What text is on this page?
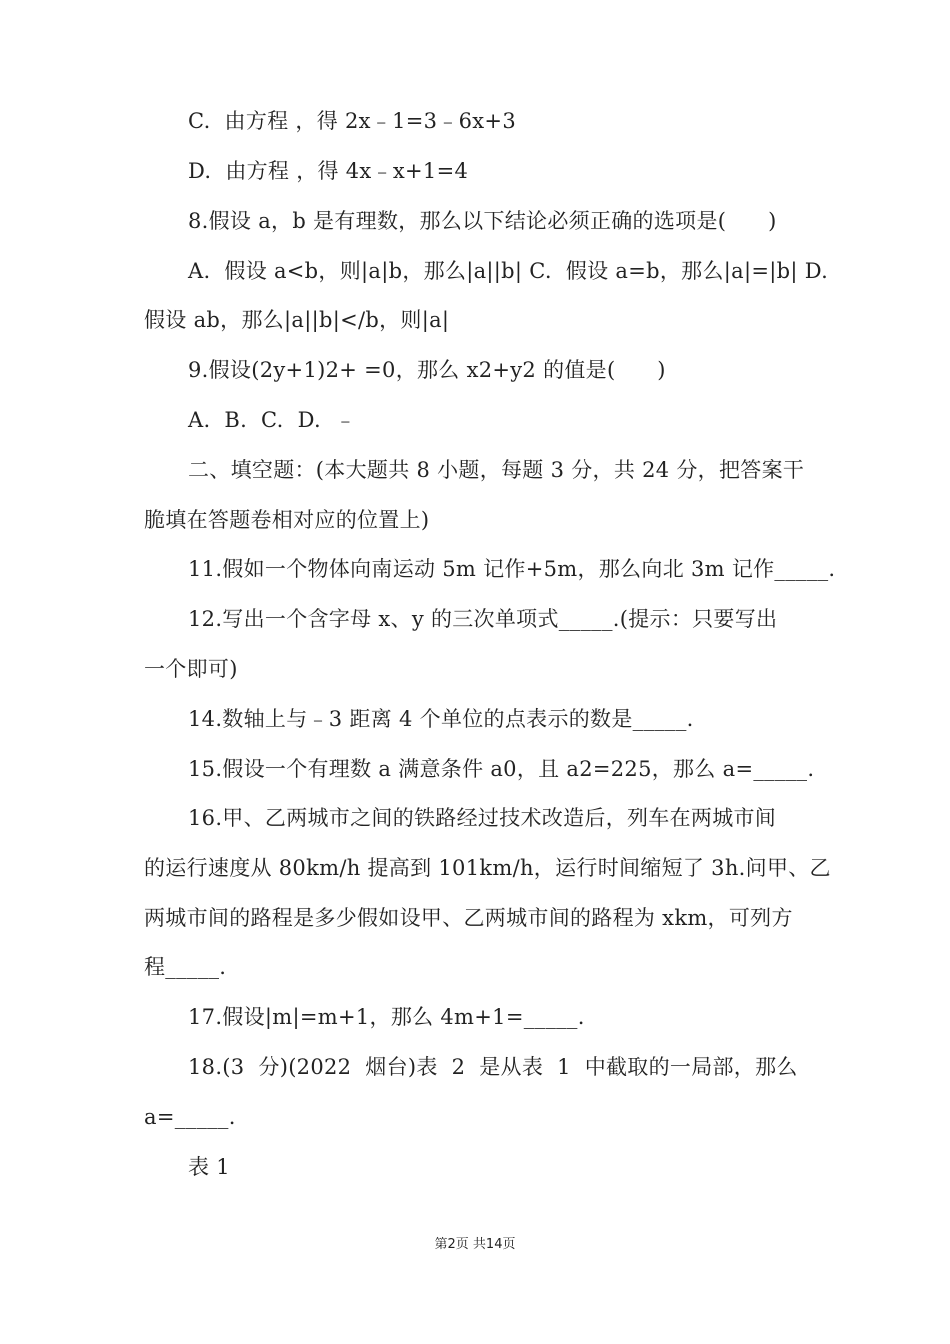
C.  由方程 ，得 2x﹣1=3﹣6x+3
D.  由方程 ，得 4x﹣x+1=4
8.假设 a，b 是有理数，那么以下结论必须正确的选项是(      )
A.  假设 a<b，则|a|b，那么|a||b| C.  假设 a=b，那么|a|=|b| D.
假设 ab，那么|a||b|</b，则|a|
9.假设(2y+1)2+ =0，那么 x2+y2 的值是(      )
A.  B.  C.  D.  ﹣
二、填空题：(本大题共 8 小题，每题 3 分，共 24 分，把答案干
脆填在答题卷相对应的位置上)
11.假如一个物体向南运动 5m 记作+5m，那么向北 3m 记作_____.
12.写出一个含字母 x、y 的三次单项式_____.(提示：只要写出
一个即可)
14.数轴上与﹣3 距离 4 个单位的点表示的数是_____.
15.假设一个有理数 a 满意条件 a0，且 a2=225，那么 a=_____.
16.甲、乙两城市之间的铁路经过技术改造后，列车在两城市间
的运行速度从 80km/h 提高到 101km/h，运行时间缩短了 3h.问甲、乙
两城市间的路程是多少假如设甲、乙两城市间的路程为 xkm，可列方
程_____.
17.假设|m|=m+1，那么 4m+1=_____.
18.(3  分)(2022  烟台)表  2  是从表  1  中截取的一局部，那么
a=_____.
表 1
第2页 共14页
